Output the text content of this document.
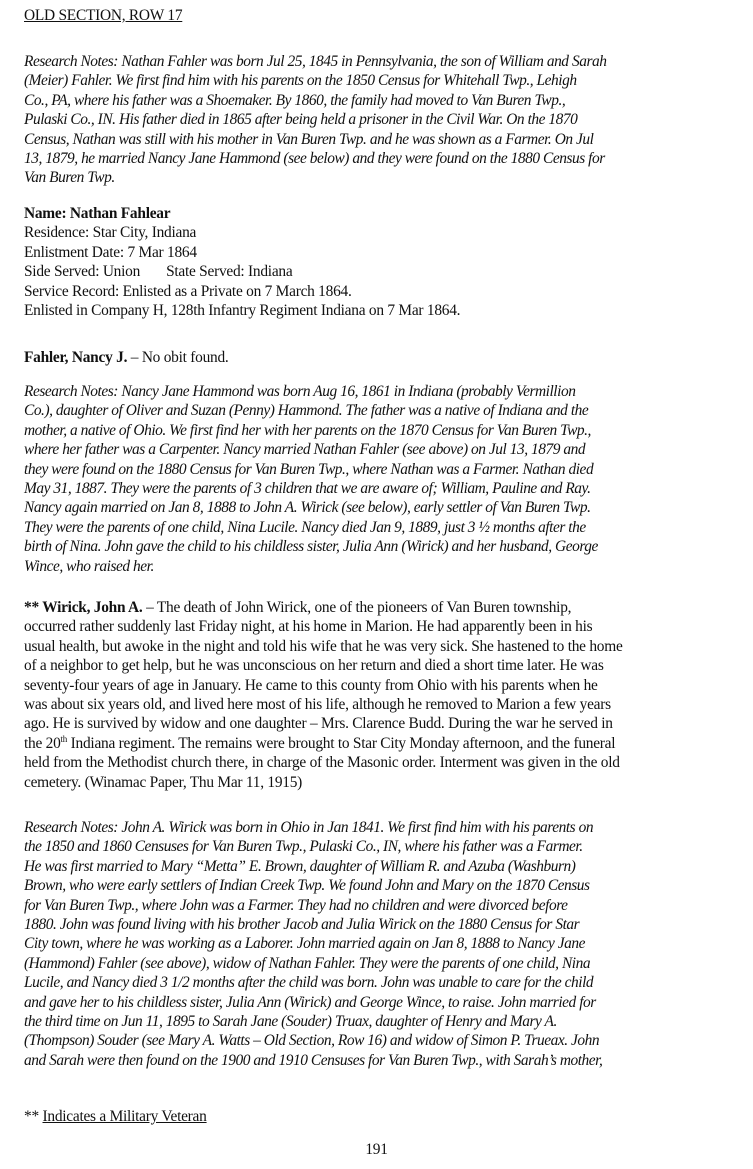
OLD SECTION, ROW 17
Research Notes: Nathan Fahler was born Jul 25, 1845 in Pennsylvania, the son of William and Sarah
(Meier) Fahler. We first find him with his parents on the 1850 Census for Whitehall Twp., Lehigh
Co., PA, where his father was a Shoemaker. By 1860, the family had moved to Van Buren Twp.,
Pulaski Co., IN. His father died in 1865 after being held a prisoner in the Civil War. On the 1870
Census, Nathan was still with his mother in Van Buren Twp. and he was shown as a Farmer. On Jul
13, 1879, he married Nancy Jane Hammond (see below) and they were found on the 1880 Census for
Van Buren Twp.
Name: Nathan Fahlear
Residence: Star City, Indiana
Enlistment Date: 7 Mar 1864
Side Served: Union State Served: Indiana
Service Record: Enlisted as a Private on 7 March 1864.
Enlisted in Company H, 128th Infantry Regiment Indiana on 7 Mar 1864.
Fahler, Nancy J. – No obit found.
Research Notes: Nancy Jane Hammond was born Aug 16, 1861 in Indiana (probably Vermillion
Co.), daughter of Oliver and Suzan (Penny) Hammond. The father was a native of Indiana and the
mother, a native of Ohio. We first find her with her parents on the 1870 Census for Van Buren Twp.,
where her father was a Carpenter. Nancy married Nathan Fahler (see above) on Jul 13, 1879 and
they were found on the 1880 Census for Van Buren Twp., where Nathan was a Farmer. Nathan died
May 31, 1887. They were the parents of 3 children that we are aware of; William, Pauline and Ray.
Nancy again married on Jan 8, 1888 to John A. Wirick (see below), early settler of Van Buren Twp.
They were the parents of one child, Nina Lucile. Nancy died Jan 9, 1889, just 3 ½ months after the
birth of Nina. John gave the child to his childless sister, Julia Ann (Wirick) and her husband, George
Wince, who raised her.
** Wirick, John A. – The death of John Wirick, one of the pioneers of Van Buren township,
occurred rather suddenly last Friday night, at his home in Marion. He had apparently been in his
usual health, but awoke in the night and told his wife that he was very sick. She hastened to the home
of a neighbor to get help, but he was unconscious on her return and died a short time later. He was
seventy-four years of age in January. He came to this county from Ohio with his parents when he
was about six years old, and lived here most of his life, although he removed to Marion a few years
ago. He is survived by widow and one daughter – Mrs. Clarence Budd. During the war he served in
the 20th Indiana regiment. The remains were brought to Star City Monday afternoon, and the funeral
held from the Methodist church there, in charge of the Masonic order. Interment was given in the old
cemetery. (Winamac Paper, Thu Mar 11, 1915)
Research Notes: John A. Wirick was born in Ohio in Jan 1841. We first find him with his parents on
the 1850 and 1860 Censuses for Van Buren Twp., Pulaski Co., IN, where his father was a Farmer.
He was first married to Mary “Metta” E. Brown, daughter of William R. and Azuba (Washburn)
Brown, who were early settlers of Indian Creek Twp. We found John and Mary on the 1870 Census
for Van Buren Twp., where John was a Farmer. They had no children and were divorced before
1880. John was found living with his brother Jacob and Julia Wirick on the 1880 Census for Star
City town, where he was working as a Laborer. John married again on Jan 8, 1888 to Nancy Jane
(Hammond) Fahler (see above), widow of Nathan Fahler. They were the parents of one child, Nina
Lucile, and Nancy died 3 1/2 months after the child was born. John was unable to care for the child
and gave her to his childless sister, Julia Ann (Wirick) and George Wince, to raise. John married for
the third time on Jun 11, 1895 to Sarah Jane (Souder) Truax, daughter of Henry and Mary A.
(Thompson) Souder (see Mary A. Watts – Old Section, Row 16) and widow of Simon P. Trueax. John
and Sarah were then found on the 1900 and 1910 Censuses for Van Buren Twp., with Sarah’s mother,
** Indicates a Military Veteran
191
